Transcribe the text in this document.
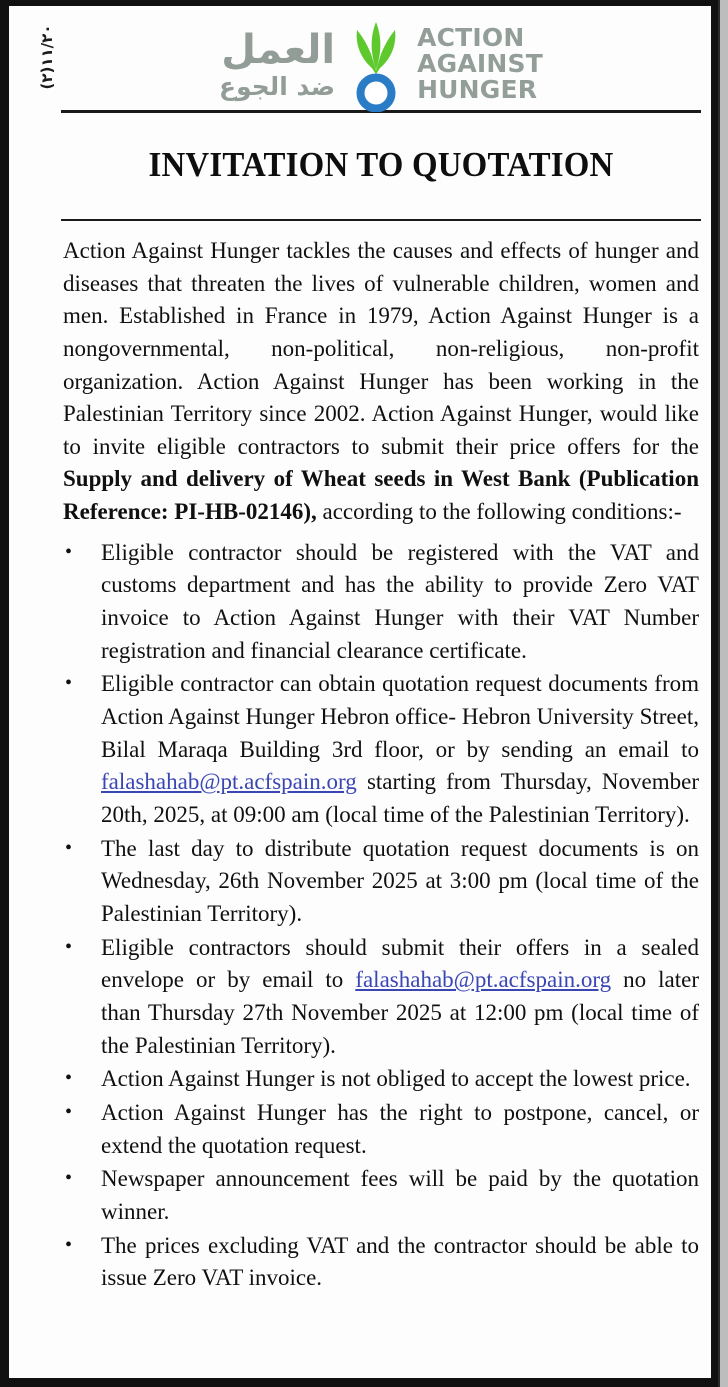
(٢)١١/٢٠	العمل
ضد الجوع
ACTION
AGAINST
HUNGER
INVITATION TO QUOTATION

Action Against Hunger tackles the causes and effects of hunger and diseases that threaten the lives of vulnerable children, women and men. Established in France in 1979, Action Against Hunger is a nongovernmental, non-political, non-religious, non-profit organization. Action Against Hunger has been working in the Palestinian Territory since 2002. Action Against Hunger, would like to invite eligible contractors to submit their price offers for the Supply and delivery of Wheat seeds in West Bank (Publication Reference: PI-HB-02146), according to the following conditions:-

• Eligible contractor should be registered with the VAT and customs department and has the ability to provide Zero VAT invoice to Action Against Hunger with their VAT Number registration and financial clearance certificate.
• Eligible contractor can obtain quotation request documents from Action Against Hunger Hebron office- Hebron University Street, Bilal Maraqa Building 3rd floor, or by sending an email to falashahab@pt.acfspain.org starting from Thursday, November 20th, 2025, at 09:00 am (local time of the Palestinian Territory).
• The last day to distribute quotation request documents is on Wednesday, 26th November 2025 at 3:00 pm (local time of the Palestinian Territory).
• Eligible contractors should submit their offers in a sealed envelope or by email to falashahab@pt.acfspain.org no later than Thursday 27th November 2025 at 12:00 pm (local time of the Palestinian Territory).
• Action Against Hunger is not obliged to accept the lowest price.
• Action Against Hunger has the right to postpone, cancel, or extend the quotation request.
• Newspaper announcement fees will be paid by the quotation winner.
• The prices excluding VAT and the contractor should be able to issue Zero VAT invoice.
